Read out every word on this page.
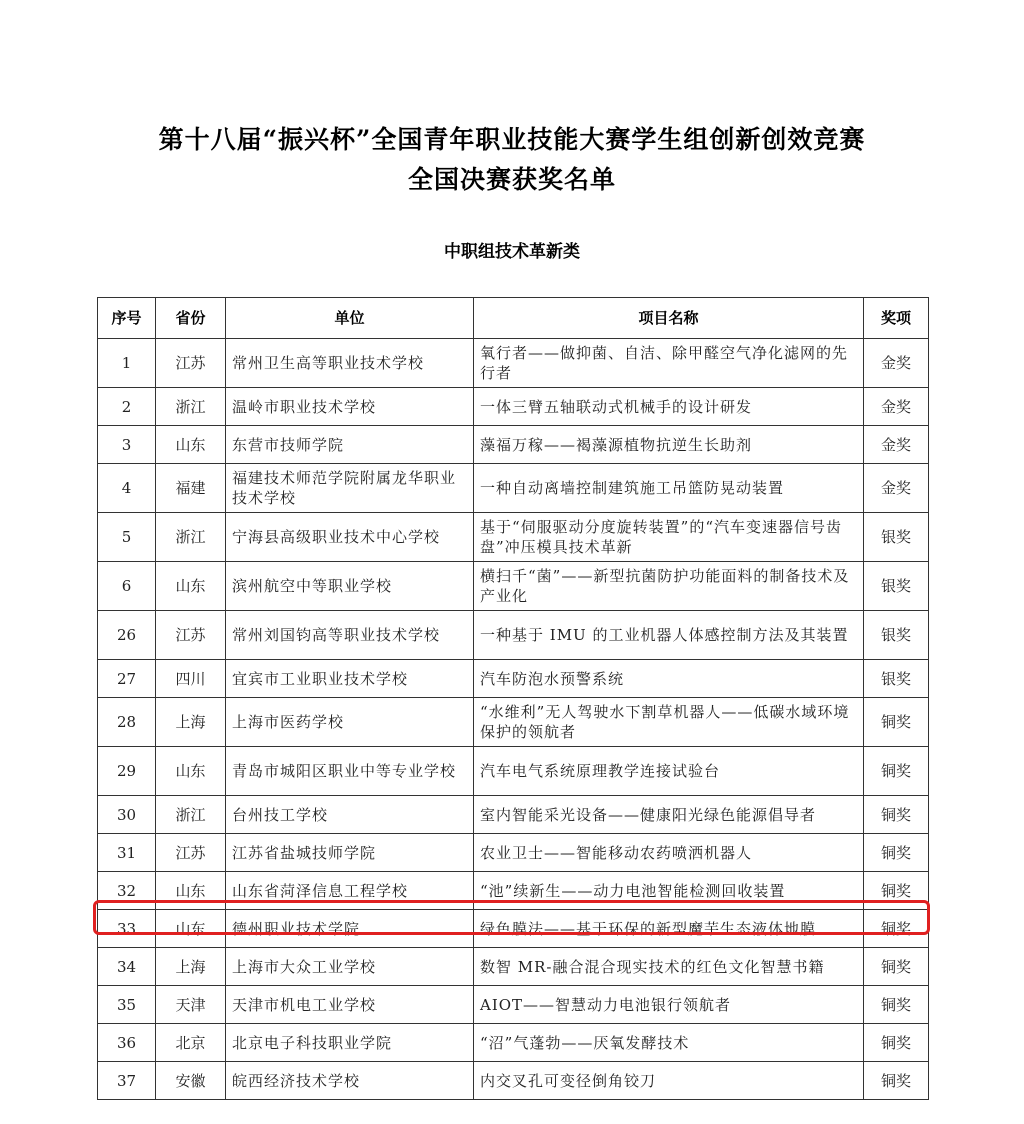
第十八届“振兴杯”全国青年职业技能大赛学生组创新创效竞赛
全国决赛获奖名单
中职组技术革新类
序号	省份	单位	项目名称	奖项
1	江苏	常州卫生高等职业技术学校	氧行者——做抑菌、自洁、除甲醛空气净化滤网的先行者	金奖
2	浙江	温岭市职业技术学校	一体三臂五轴联动式机械手的设计研发	金奖
3	山东	东营市技师学院	藻福万稼——褐藻源植物抗逆生长助剂	金奖
4	福建	福建技术师范学院附属龙华职业技术学校	一种自动离墙控制建筑施工吊篮防晃动装置	金奖
5	浙江	宁海县高级职业技术中心学校	基于“伺服驱动分度旋转装置”的“汽车变速器信号齿盘”冲压模具技术革新	银奖
6	山东	滨州航空中等职业学校	横扫千“菌”——新型抗菌防护功能面料的制备技术及产业化	银奖
26	江苏	常州刘国钧高等职业技术学校	一种基于 IMU 的工业机器人体感控制方法及其装置	银奖
27	四川	宜宾市工业职业技术学校	汽车防泡水预警系统	银奖
28	上海	上海市医药学校	“水维利”无人驾驶水下割草机器人——低碳水域环境保护的领航者	铜奖
29	山东	青岛市城阳区职业中等专业学校	汽车电气系统原理教学连接试验台	铜奖
30	浙江	台州技工学校	室内智能采光设备——健康阳光绿色能源倡导者	铜奖
31	江苏	江苏省盐城技师学院	农业卫士——智能移动农药喷洒机器人	铜奖
32	山东	山东省菏泽信息工程学校	“池”续新生——动力电池智能检测回收装置	铜奖
33	山东	德州职业技术学院	绿色膜法——基于环保的新型魔芋生态液体地膜	铜奖
34	上海	上海市大众工业学校	数智 MR-融合混合现实技术的红色文化智慧书籍	铜奖
35	天津	天津市机电工业学校	AIOT——智慧动力电池银行领航者	铜奖
36	北京	北京电子科技职业学院	“沼”气蓬勃——厌氧发酵技术	铜奖
37	安徽	皖西经济技术学校	内交叉孔可变径倒角铰刀	铜奖
